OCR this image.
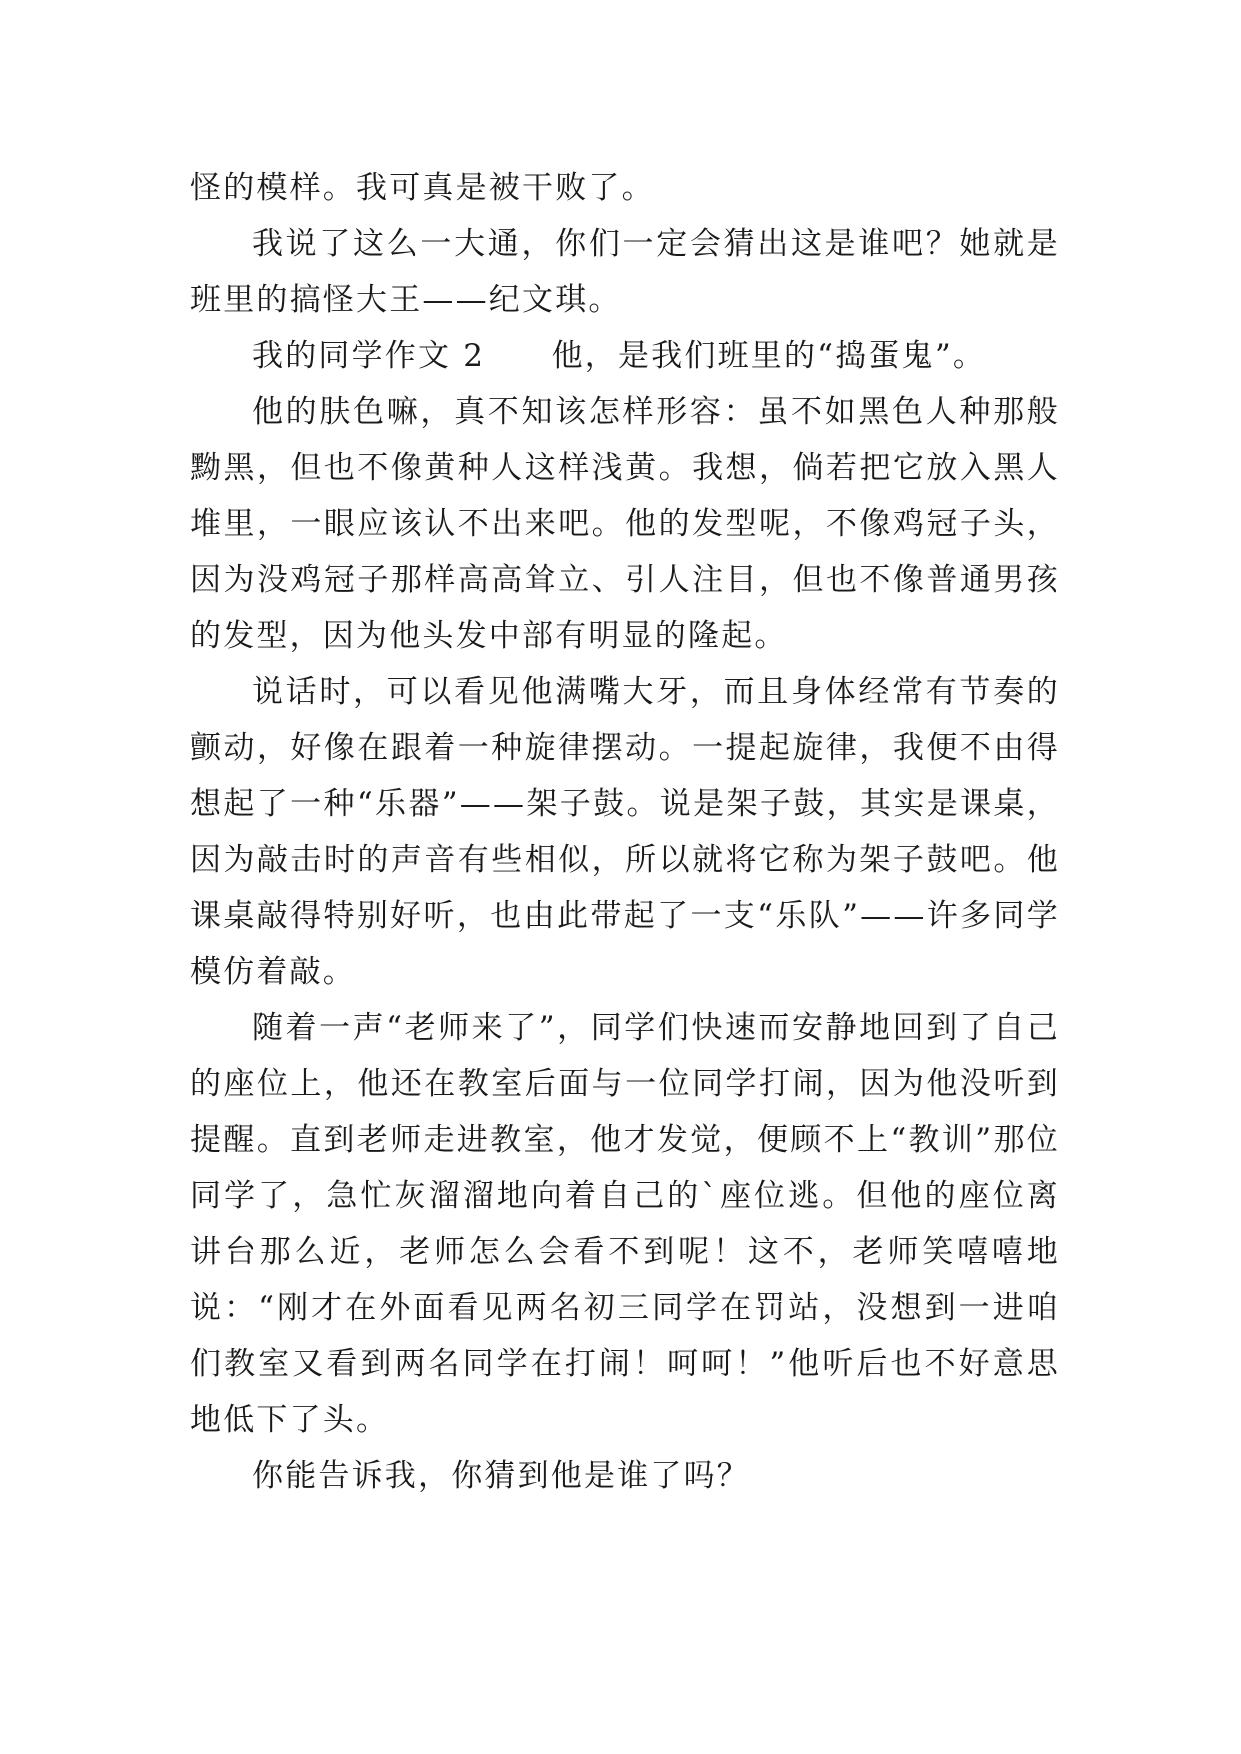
怪的模样。我可真是被干败了。

我说了这么一大通，你们一定会猜出这是谁吧？她就是班里的搞怪大王——纪文琪。

我的同学作文 2　　他，是我们班里的“捣蛋鬼”。

他的肤色嘛，真不知该怎样形容：虽不如黑色人种那般黝黑，但也不像黄种人这样浅黄。我想，倘若把它放入黑人堆里，一眼应该认不出来吧。他的发型呢，不像鸡冠子头，因为没鸡冠子那样高高耸立、引人注目，但也不像普通男孩的发型，因为他头发中部有明显的隆起。

说话时，可以看见他满嘴大牙，而且身体经常有节奏的颤动，好像在跟着一种旋律摆动。一提起旋律，我便不由得想起了一种“乐器”——架子鼓。说是架子鼓，其实是课桌，因为敲击时的声音有些相似，所以就将它称为架子鼓吧。他课桌敲得特别好听，也由此带起了一支“乐队”——许多同学模仿着敲。

随着一声“老师来了”，同学们快速而安静地回到了自己的座位上，他还在教室后面与一位同学打闹，因为他没听到提醒。直到老师走进教室，他才发觉，便顾不上“教训”那位同学了，急忙灰溜溜地向着自己的`座位逃。但他的座位离讲台那么近，老师怎么会看不到呢！这不，老师笑嘻嘻地说：“刚才在外面看见两名初三同学在罚站，没想到一进咱们教室又看到两名同学在打闹！呵呵！”他听后也不好意思地低下了头。

你能告诉我，你猜到他是谁了吗？
